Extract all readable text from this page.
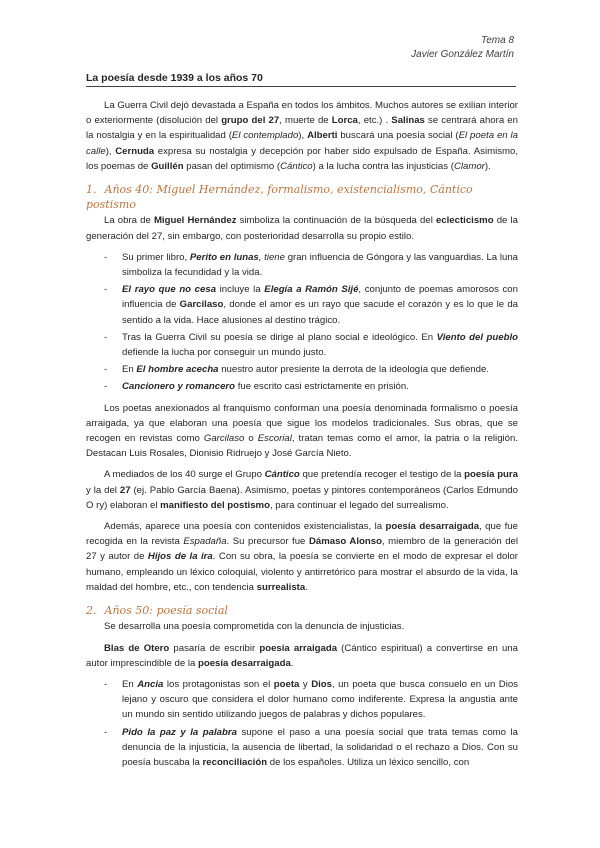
Tema 8
Javier González Martín
La poesía desde 1939 a los años 70

La Guerra Civil dejó devastada a España en todos los ámbitos. Muchos autores se exilian interior o exteriormente (disolución del grupo del 27, muerte de Lorca, etc.) . Salinas se centrará ahora en la nostalgia y en la espiritualidad (El contemplado), Alberti buscará una poesía social (El poeta en la calle), Cernuda expresa su nostalgia y decepción por haber sido expulsado de España. Asimismo, los poemas de Guillén pasan del optimismo (Cántico) a la lucha contra las injusticias (Clamor).

1. Años 40: Miguel Hernández, formalismo, existencialismo, Cántico postismo

La obra de Miguel Hernández simboliza la continuación de la búsqueda del eclecticismo de la generación del 27, sin embargo, con posterioridad desarrolla su propio estilo.

- Su primer libro, Perito en lunas, tiene gran influencia de Góngora y las vanguardias. La luna simboliza la fecundidad y la vida.
- El rayo que no cesa incluye la Elegía a Ramón Sijé, conjunto de poemas amorosos con influencia de Garcilaso, donde el amor es un rayo que sacude el corazón y es lo que le da sentido a la vida. Hace alusiones al destino trágico.
- Tras la Guerra Civil su poesía se dirige al plano social e ideológico. En Viento del pueblo defiende la lucha por conseguir un mundo justo.
- En El hombre acecha nuestro autor presiente la derrota de la ideología que defiende.
- Cancionero y romancero fue escrito casi estrictamente en prisión.

Los poetas anexionados al franquismo conforman una poesía denominada formalismo o poesía arraigada, ya que elaboran una poesía que sigue los modelos tradicionales. Sus obras, que se recogen en revistas como Garcilaso o Escorial, tratan temas como el amor, la patria o la religión. Destacan Luis Rosales, Dionisio Ridruejo y José García Nieto.

A mediados de los 40 surge el Grupo Cántico que pretendía recoger el testigo de la poesía pura y la del 27 (ej. Pablo García Baena). Asimismo, poetas y pintores contemporáneos (Carlos Edmundo O ry) elaboran el manifiesto del postismo, para continuar el legado del surrealismo.

Además, aparece una poesía con contenidos existencialistas, la poesía desarraigada, que fue recogida en la revista Espadaña. Su precursor fue Dámaso Alonso, miembro de la generación del 27 y autor de Hijos de la ira. Con su obra, la poesía se convierte en el modo de expresar el dolor humano, empleando un léxico coloquial, violento y antirretórico para mostrar el absurdo de la vida, la maldad del hombre, etc., con tendencia surrealista.

2. Años 50: poesía social

Se desarrolla una poesía comprometida con la denuncia de injusticias.

Blas de Otero pasaría de escribir poesía arraigada (Cántico espiritual) a convertirse en una autor imprescindible de la poesía desarraigada.

- En Ancia los protagonistas son el poeta y Dios, un poeta que busca consuelo en un Dios lejano y oscuro que considera el dolor humano como indiferente. Expresa la angustia ante un mundo sin sentido utilizando juegos de palabras y dichos populares.
- Pido la paz y la palabra supone el paso a una poesía social que trata temas como la denuncia de la injusticia, la ausencia de libertad, la solidaridad o el rechazo a Dios. Con su poesía buscaba la reconciliación de los españoles. Utiliza un léxico sencillo, con
